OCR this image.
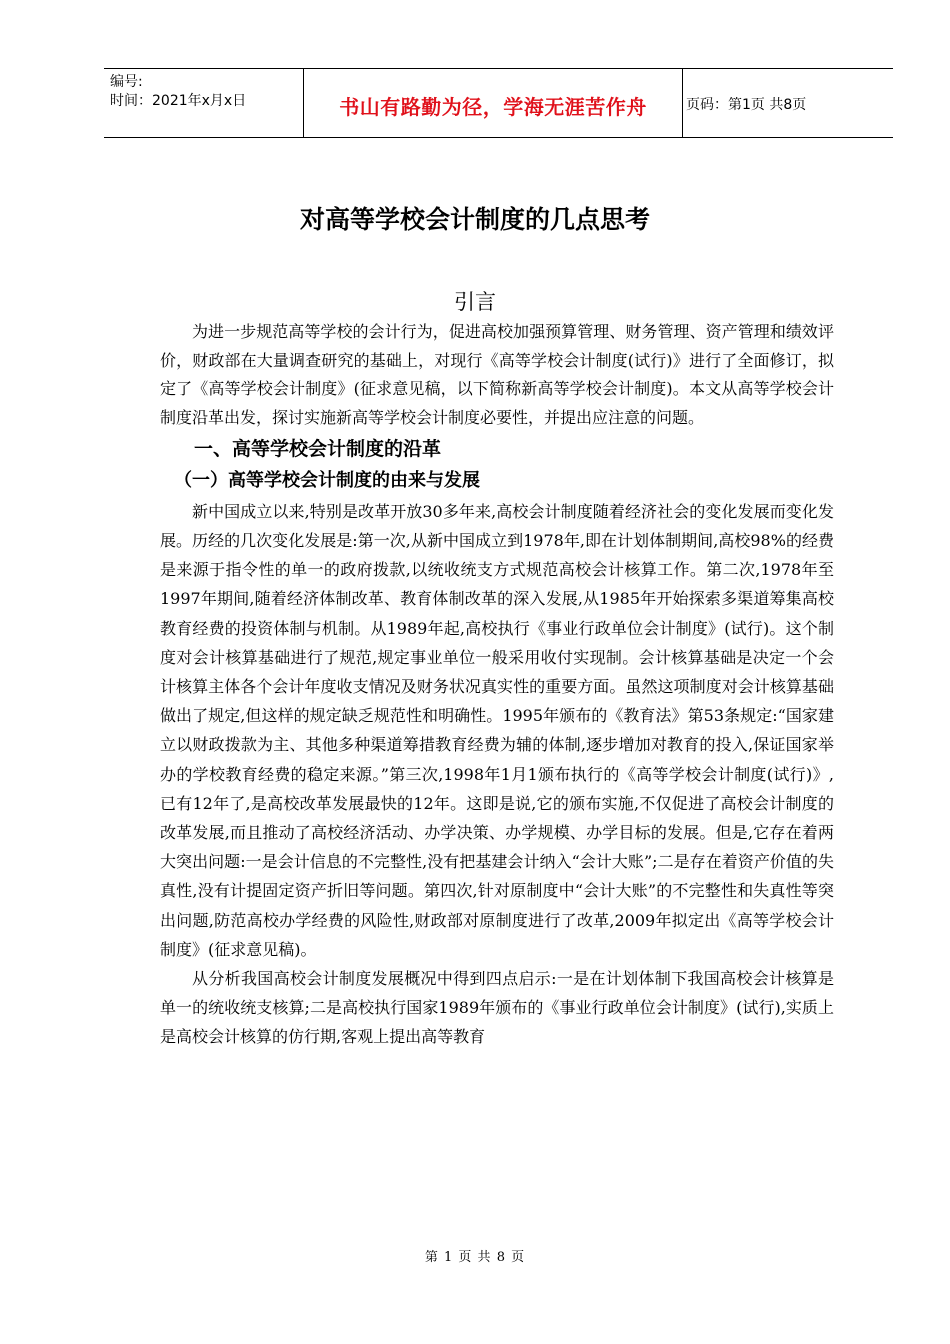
编号:
时间：2021年x月x日	书山有路勤为径，学海无涯苦作舟	页码：第1页 共8页
对高等学校会计制度的几点思考
引言

为进一步规范高等学校的会计行为，促进高校加强预算管理、财务管理、资产管理和绩效评价，财政部在大量调查研究的基础上，对现行《高等学校会计制度(试行)》进行了全面修订，拟定了《高等学校会计制度》(征求意见稿，以下简称新高等学校会计制度)。本文从高等学校会计制度沿革出发，探讨实施新高等学校会计制度必要性，并提出应注意的问题。

一、高等学校会计制度的沿革
（一）高等学校会计制度的由来与发展

新中国成立以来,特别是改革开放30多年来,高校会计制度随着经济社会的变化发展而变化发展。历经的几次变化发展是:第一次,从新中国成立到1978年,即在计划体制期间,高校98%的经费是来源于指令性的单一的政府拨款,以统收统支方式规范高校会计核算工作。第二次,1978年至1997年期间,随着经济体制改革、教育体制改革的深入发展,从1985年开始探索多渠道筹集高校教育经费的投资体制与机制。从1989年起,高校执行《事业行政单位会计制度》(试行)。这个制度对会计核算基础进行了规范,规定事业单位一般采用收付实现制。会计核算基础是决定一个会计核算主体各个会计年度收支情况及财务状况真实性的重要方面。虽然这项制度对会计核算基础做出了规定,但这样的规定缺乏规范性和明确性。1995年颁布的《教育法》第53条规定:“国家建立以财政拨款为主、其他多种渠道筹措教育经费为辅的体制,逐步增加对教育的投入,保证国家举办的学校教育经费的稳定来源。”第三次,1998年1月1颁布执行的《高等学校会计制度(试行)》,已有12年了,是高校改革发展最快的12年。这即是说,它的颁布实施,不仅促进了高校会计制度的改革发展,而且推动了高校经济活动、办学决策、办学规模、办学目标的发展。但是,它存在着两大突出问题:一是会计信息的不完整性,没有把基建会计纳入“会计大账”;二是存在着资产价值的失真性,没有计提固定资产折旧等问题。第四次,针对原制度中“会计大账”的不完整性和失真性等突出问题,防范高校办学经费的风险性,财政部对原制度进行了改革,2009年拟定出《高等学校会计制度》(征求意见稿)。

从分析我国高校会计制度发展概况中得到四点启示:一是在计划体制下我国高校会计核算是单一的统收统支核算;二是高校执行国家1989年颁布的《事业行政单位会计制度》(试行),实质上是高校会计核算的仿行期,客观上提出高等教育

第 1 页 共 8 页
